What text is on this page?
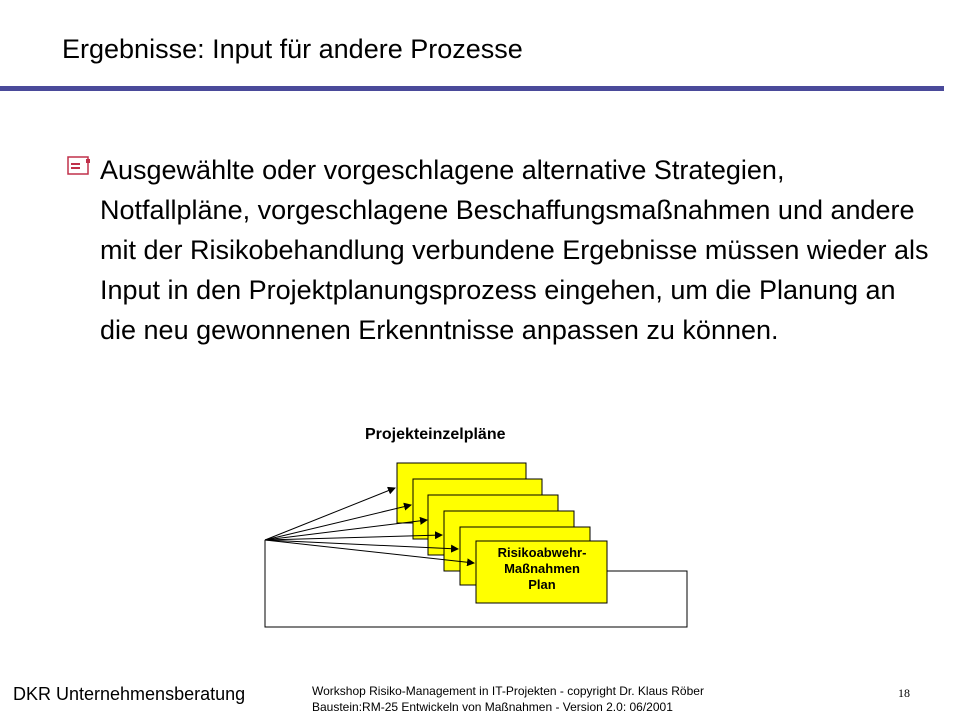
Ergebnisse: Input für andere Prozesse

Ausgewählte oder vorgeschlagene alternative Strategien, Notfallpläne, vorgeschlagene Beschaffungsmaßnahmen und andere mit der Risikobehandlung verbundene Ergebnisse müssen wieder als Input in den Projektplanungsprozess eingehen, um die Planung an die neu gewonnenen Erkenntnisse anpassen zu können.

Projekteinzelpläne
Risikoabwehr-
Maßnahmen
Plan
DKR Unternehmensberatung	Workshop Risiko-Management in IT-Projekten - copyright Dr. Klaus Röber
Baustein:RM-25 Entwickeln von Maßnahmen - Version 2.0: 06/2001
18
